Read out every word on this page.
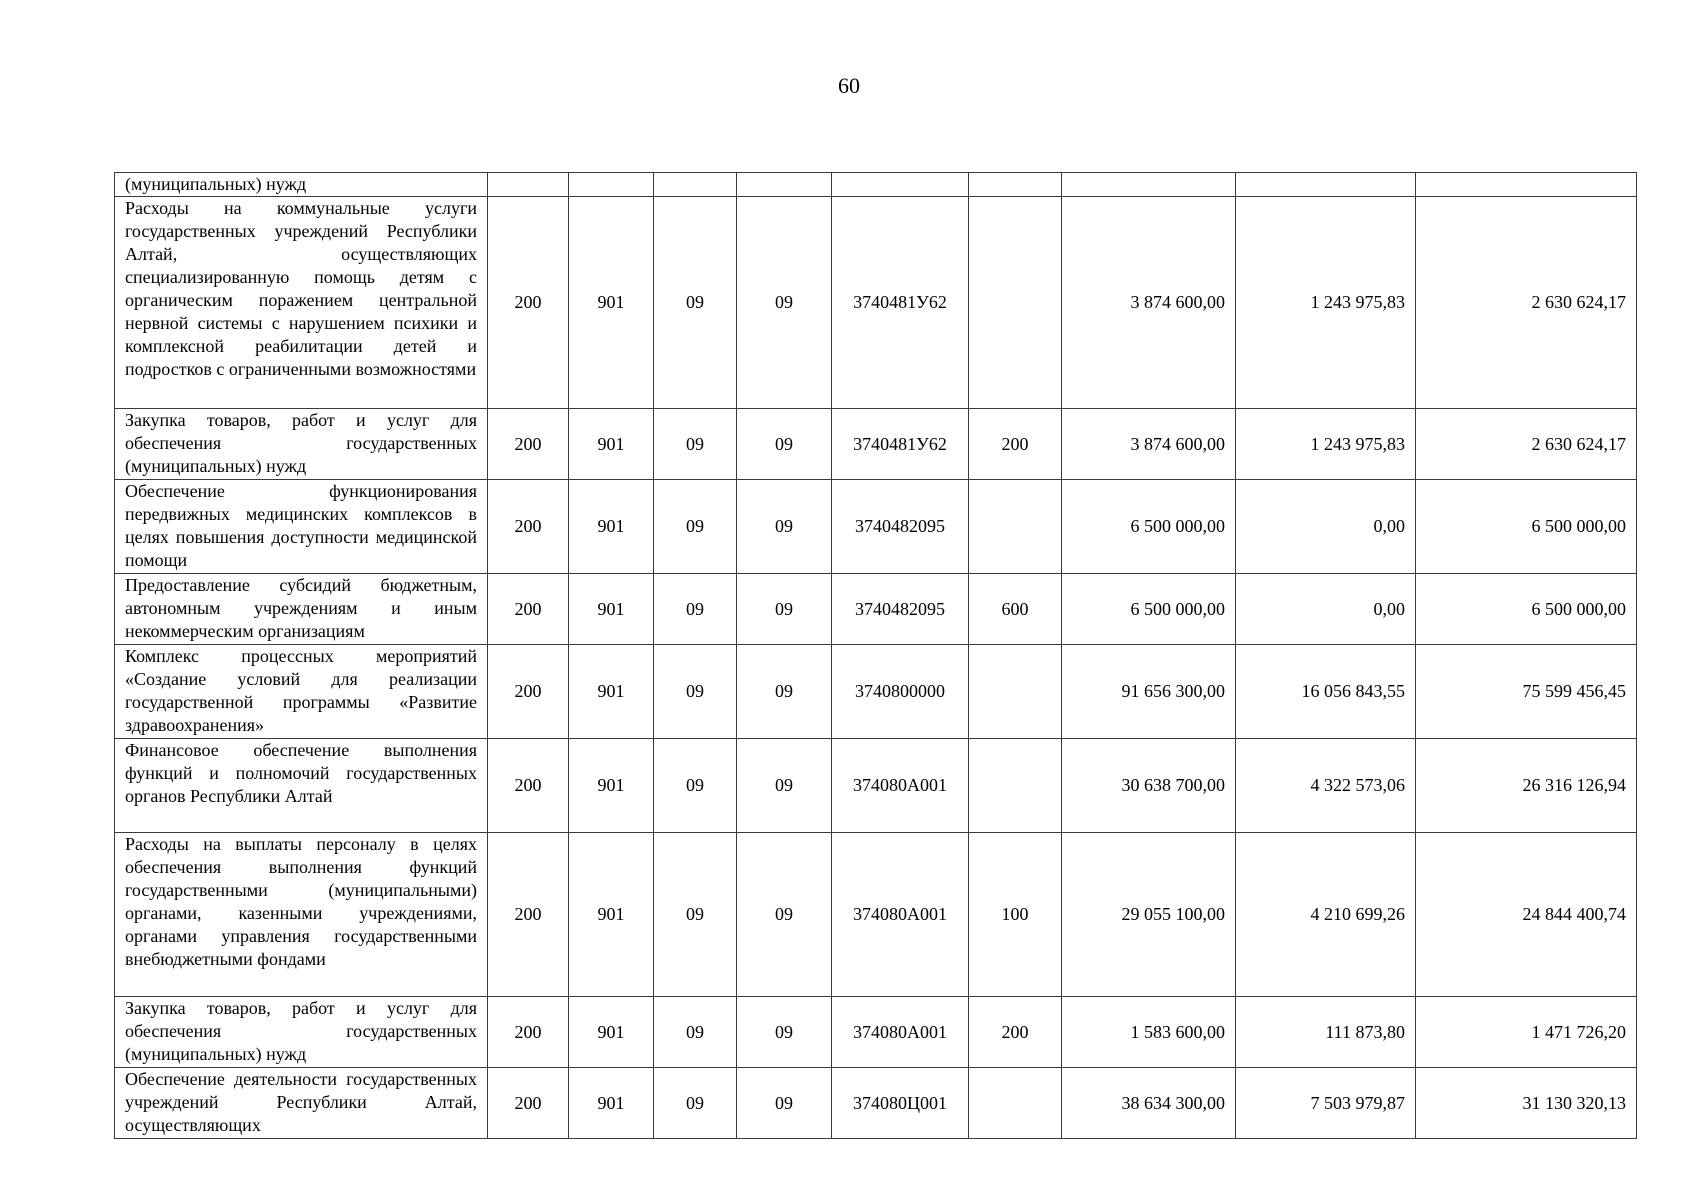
60
(муниципальных) нужд									
Расходы на коммунальные услуги государственных учреждений Республики Алтай, осуществляющих специализированную помощь детям с органическим поражением центральной нервной системы с нарушением психики и комплексной реабилитации детей и подростков с ограниченными возможностями	200	901	09	09	3740481У62		3 874 600,00	1 243 975,83	2 630 624,17
Закупка товаров, работ и услуг для обеспечения государственных (муниципальных) нужд	200	901	09	09	3740481У62	200	3 874 600,00	1 243 975,83	2 630 624,17
Обеспечение функционирования передвижных медицинских комплексов в целях повышения доступности медицинской помощи	200	901	09	09	3740482095		6 500 000,00	0,00	6 500 000,00
Предоставление субсидий бюджетным, автономным учреждениям и иным некоммерческим организациям	200	901	09	09	3740482095	600	6 500 000,00	0,00	6 500 000,00
Комплекс процессных мероприятий «Создание условий для реализации государственной программы «Развитие здравоохранения»	200	901	09	09	3740800000		91 656 300,00	16 056 843,55	75 599 456,45
Финансовое обеспечение выполнения функций и полномочий государственных органов Республики Алтай	200	901	09	09	374080А001		30 638 700,00	4 322 573,06	26 316 126,94
Расходы на выплаты персоналу в целях обеспечения выполнения функций государственными (муниципальными) органами, казенными учреждениями, органами управления государственными внебюджетными фондами	200	901	09	09	374080А001	100	29 055 100,00	4 210 699,26	24 844 400,74
Закупка товаров, работ и услуг для обеспечения государственных (муниципальных) нужд	200	901	09	09	374080А001	200	1 583 600,00	111 873,80	1 471 726,20
Обеспечение деятельности государственных учреждений Республики Алтай, осуществляющих	200	901	09	09	374080Ц001		38 634 300,00	7 503 979,87	31 130 320,13
